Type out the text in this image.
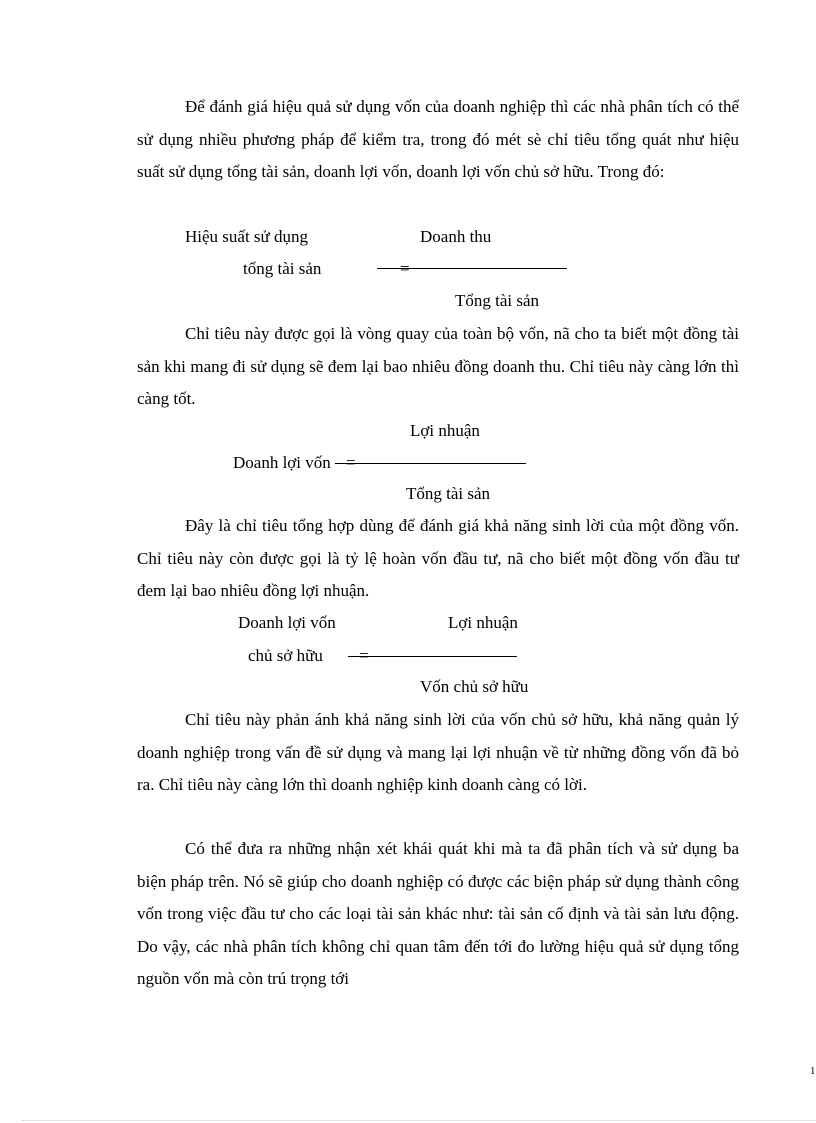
Để đánh giá hiệu quả sử dụng vốn của doanh nghiệp thì các nhà phân tích có thể sử dụng nhiều phương pháp để kiểm tra, trong đó mét sè chỉ tiêu tổng quát như hiệu suất sử dụng tổng tài sản, doanh lợi vốn, doanh lợi vốn chủ sở hữu. Trong đó:

Hiệu suất sử dụng
tổng tài sản
Doanh thu
=
Tổng tài sản

Chỉ tiêu này được gọi là vòng quay của toàn bộ vốn, nã cho ta biết một đồng tài sản khi mang đi sử dụng sẽ đem lại bao nhiêu đồng doanh thu. Chỉ tiêu này càng lớn thì càng tốt.

Lợi nhuận
Doanh lợi vốn =
Tổng tài sản

Đây là chỉ tiêu tổng hợp dùng để đánh giá khả năng sinh lời của một đồng vốn. Chỉ tiêu này còn được gọi là tỷ lệ hoàn vốn đầu tư, nã cho biết một đồng vốn đầu tư đem lại bao nhiêu đồng lợi nhuận.

Doanh lợi vốn
chủ sở hữu
Lợi nhuận
=
Vốn chủ sở hữu

Chỉ tiêu này phản ánh khả năng sinh lời của vốn chủ sở hữu, khả năng quản lý doanh nghiệp trong vấn đề sử dụng và mang lại lợi nhuận về từ những đồng vốn đã bỏ ra. Chỉ tiêu này càng lớn thì doanh nghiệp kinh doanh càng có lời.

Có thể đưa ra những nhận xét khái quát khi mà ta đã phân tích và sử dụng ba biện pháp trên. Nó sẽ giúp cho doanh nghiệp có được các biện pháp sử dụng thành công vốn trong việc đầu tư cho các loại tài sản khác như: tài sản cố định và tài sản lưu động. Do vậy, các nhà phân tích không chỉ quan tâm đến tới đo lường hiệu quả sử dụng tổng nguồn vốn mà còn trú trọng tới

1
